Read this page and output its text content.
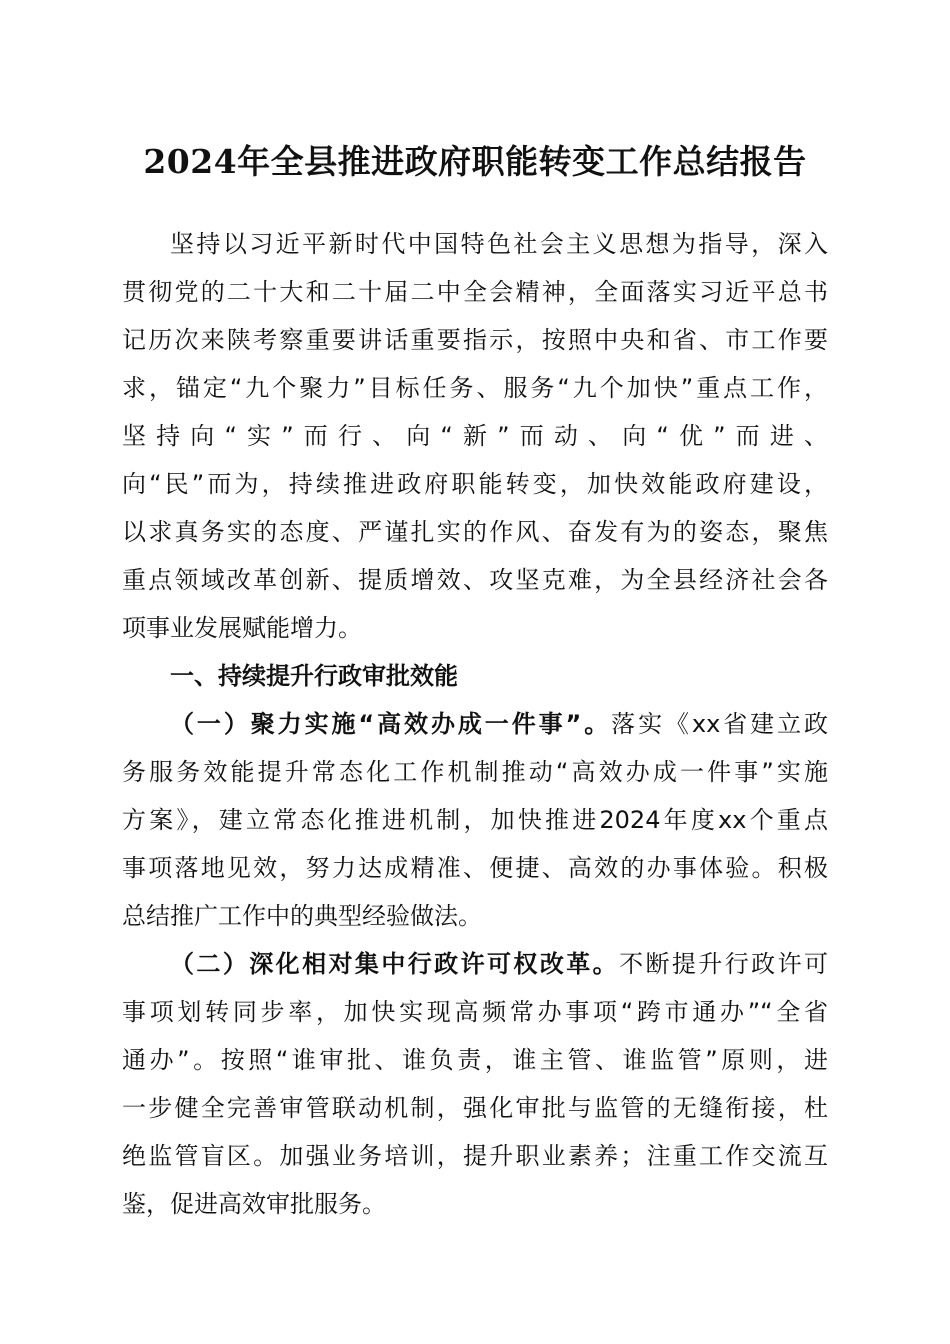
2024年全县推进政府职能转变工作总结报告
坚持以习近平新时代中国特色社会主义思想为指导，深入
贯彻党的二十大和二十届二中全会精神，全面落实习近平总书
记历次来陕考察重要讲话重要指示，按照中央和省、市工作要
求，锚定“九个聚力”目标任务、服务“九个加快”重点工作，
坚持向“实”而行、向“新”而动、向“优”而进、
向“民”而为，持续推进政府职能转变，加快效能政府建设，
以求真务实的态度、严谨扎实的作风、奋发有为的姿态，聚焦
重点领域改革创新、提质增效、攻坚克难，为全县经济社会各
项事业发展赋能增力。
一、持续提升行政审批效能
（一）聚力实施“高效办成一件事”。落实《xx省建立政
务服务效能提升常态化工作机制推动“高效办成一件事”实施
方案》，建立常态化推进机制，加快推进2024年度xx个重点
事项落地见效，努力达成精准、便捷、高效的办事体验。积极
总结推广工作中的典型经验做法。
（二）深化相对集中行政许可权改革。不断提升行政许可
事项划转同步率，加快实现高频常办事项“跨市通办”“全省
通办”。按照“谁审批、谁负责，谁主管、谁监管”原则，进
一步健全完善审管联动机制，强化审批与监管的无缝衔接，杜
绝监管盲区。加强业务培训，提升职业素养；注重工作交流互
鉴，促进高效审批服务。
